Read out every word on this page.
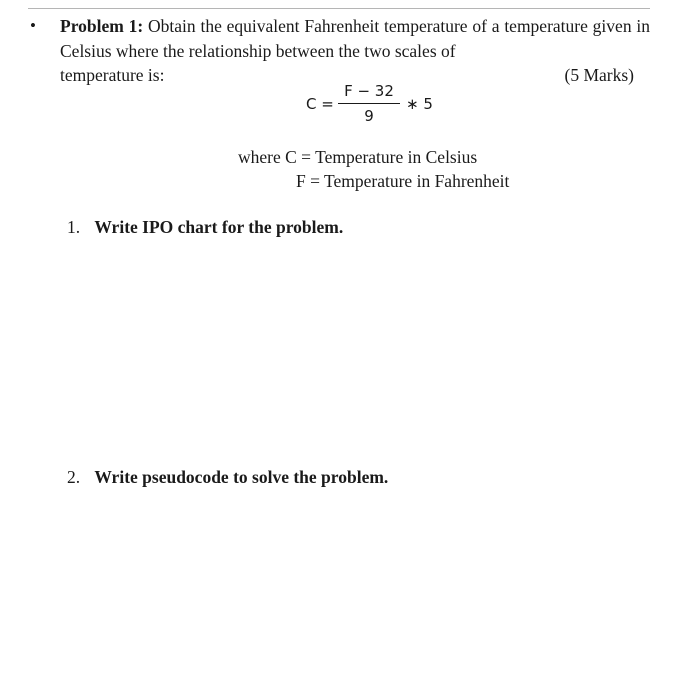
• Problem 1: Obtain the equivalent Fahrenheit temperature of a temperature given in Celsius where the relationship between the two scales of
temperature is:	(5 Marks)
C =
F − 32
9
∗ 5
where C = Temperature in Celsius
F = Temperature in Fahrenheit
1. Write IPO chart for the problem.
2. Write pseudocode to solve the problem.
